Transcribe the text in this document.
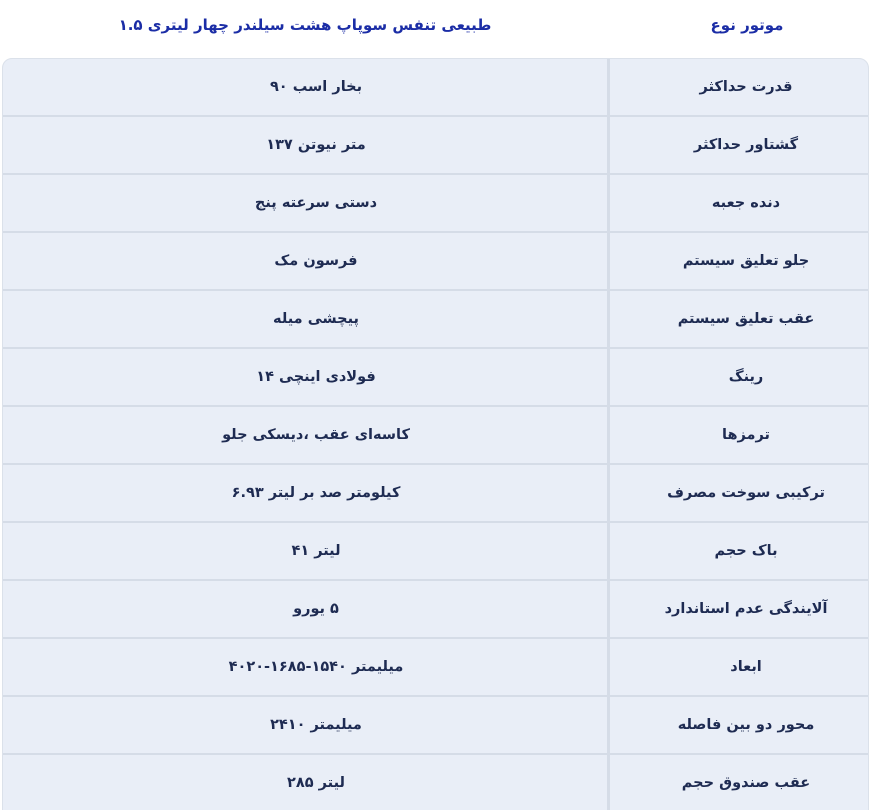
۱.۵ ‎لیتری ‎چهار ‎سیلندر ‎هشت ‎سوپاپ ‎تنفس ‎طبیعی	نوع ‎موتور
۹۰ ‎اسب ‎بخار	حداکثر ‎قدرت
۱۳۷ ‎نیوتن ‎متر	حداکثر ‎گشتاور
پنج ‎سرعته ‎دستی	جعبه ‎دنده
مک ‎فرسون	سیستم ‎تعلیق ‎جلو
میله ‎پیچشی	سیستم ‎تعلیق ‎عقب
۱۴ ‎اینچی ‎فولادی	رینگ
جلو ‎دیسکی، ‎عقب ‎کاسه‌ای	ترمزها
۶.۹۳ ‎لیتر ‎بر ‎صد ‎کیلومتر	مصرف ‎سوخت ‎ترکیبی
۴۱ ‎لیتر	حجم ‎باک
یورو ‎۵	استاندارد ‎عدم ‎آلایندگی
۴۰۲۰-۱۶۸۵-۱۵۴۰ ‎میلیمتر	ابعاد
۲۴۱۰ ‎میلیمتر	فاصله ‎بین ‎دو ‎محور
۲۸۵ ‎لیتر	حجم ‎صندوق ‎عقب
